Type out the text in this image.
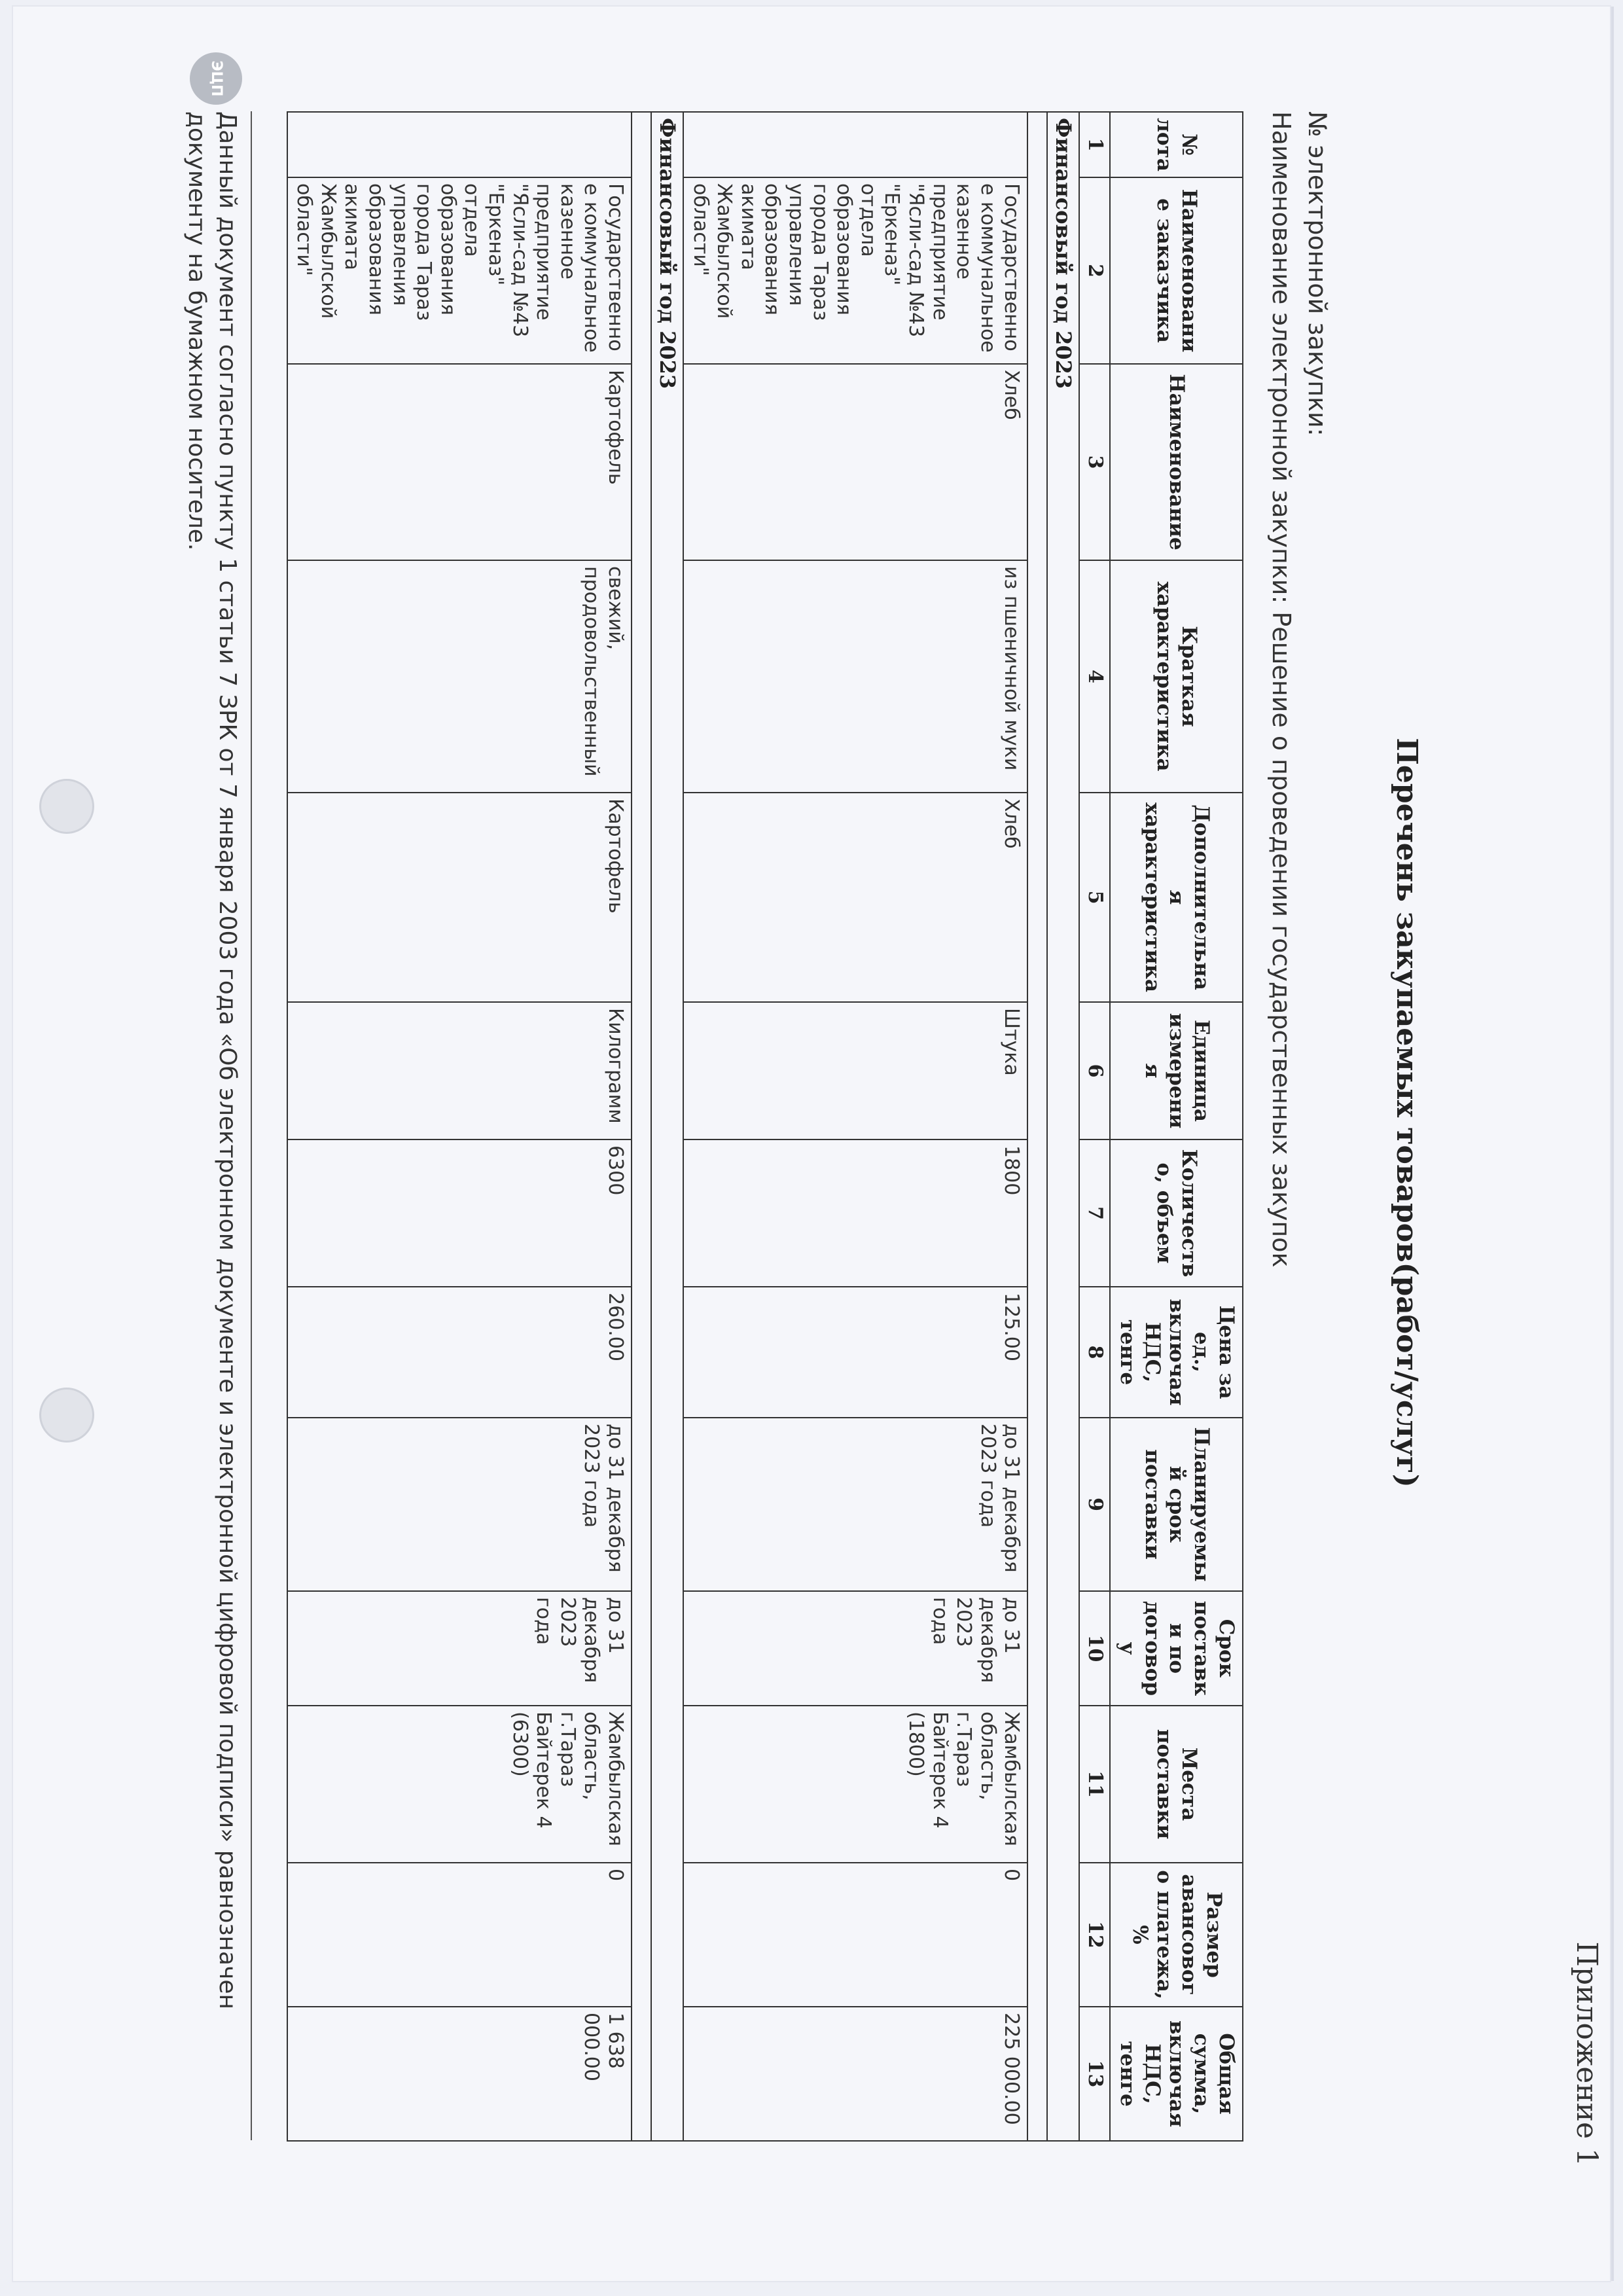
Приложение 1
Перечень закупаемых товаров(работ/услуг)
№ электронной закупки:
Наименование электронной закупки: Решение о проведении государственных закупок
№ лота	Наименование заказчика	Наименование	Краткая характеристика	Дополнительная характеристика	Единица измерения	Количество, объем	Цена за ед., включая НДС, тенге	Планируемый срок поставки	Срок поставки по договору	Места поставки	Размер авансового платежа, %	Общая сумма, включая НДС, тенге
1	2	3	4	5	6	7	8	9	10	11	12	13
Финансовый год 2023												

	Государственное коммунальное казенное предприятие "Ясли-сад №43 "Еркеназ" отдела образования города Тараз управления образования акимата Жамбылской области"	Хлеб	из пшеничной муки	Хлеб	Штука	1800	125.00	до 31 декабря 2023 года	до 31 декабря 2023 года	Жамбылская область, г.Тараз Байтерек 4 (1800)	0	225 000.00
Финансовый год 2023												

	Государственное коммунальное казенное предприятие "Ясли-сад №43 "Еркеназ" отдела образования города Тараз управления образования акимата Жамбылской области"	Картофель	свежий, продовольственный	Картофель	Килограмм	6300	260.00	до 31 декабря 2023 года	до 31 декабря 2023 года	Жамбылская область, г.Тараз Байтерек 4 (6300)	0	1 638 000.00
ЭЦП
Данный документ согласно пункту 1 статьи 7 ЗРК от 7 января 2003 года «Об электронном документе и электронной цифровой подписи» равнозначен документу на бумажном носителе.
